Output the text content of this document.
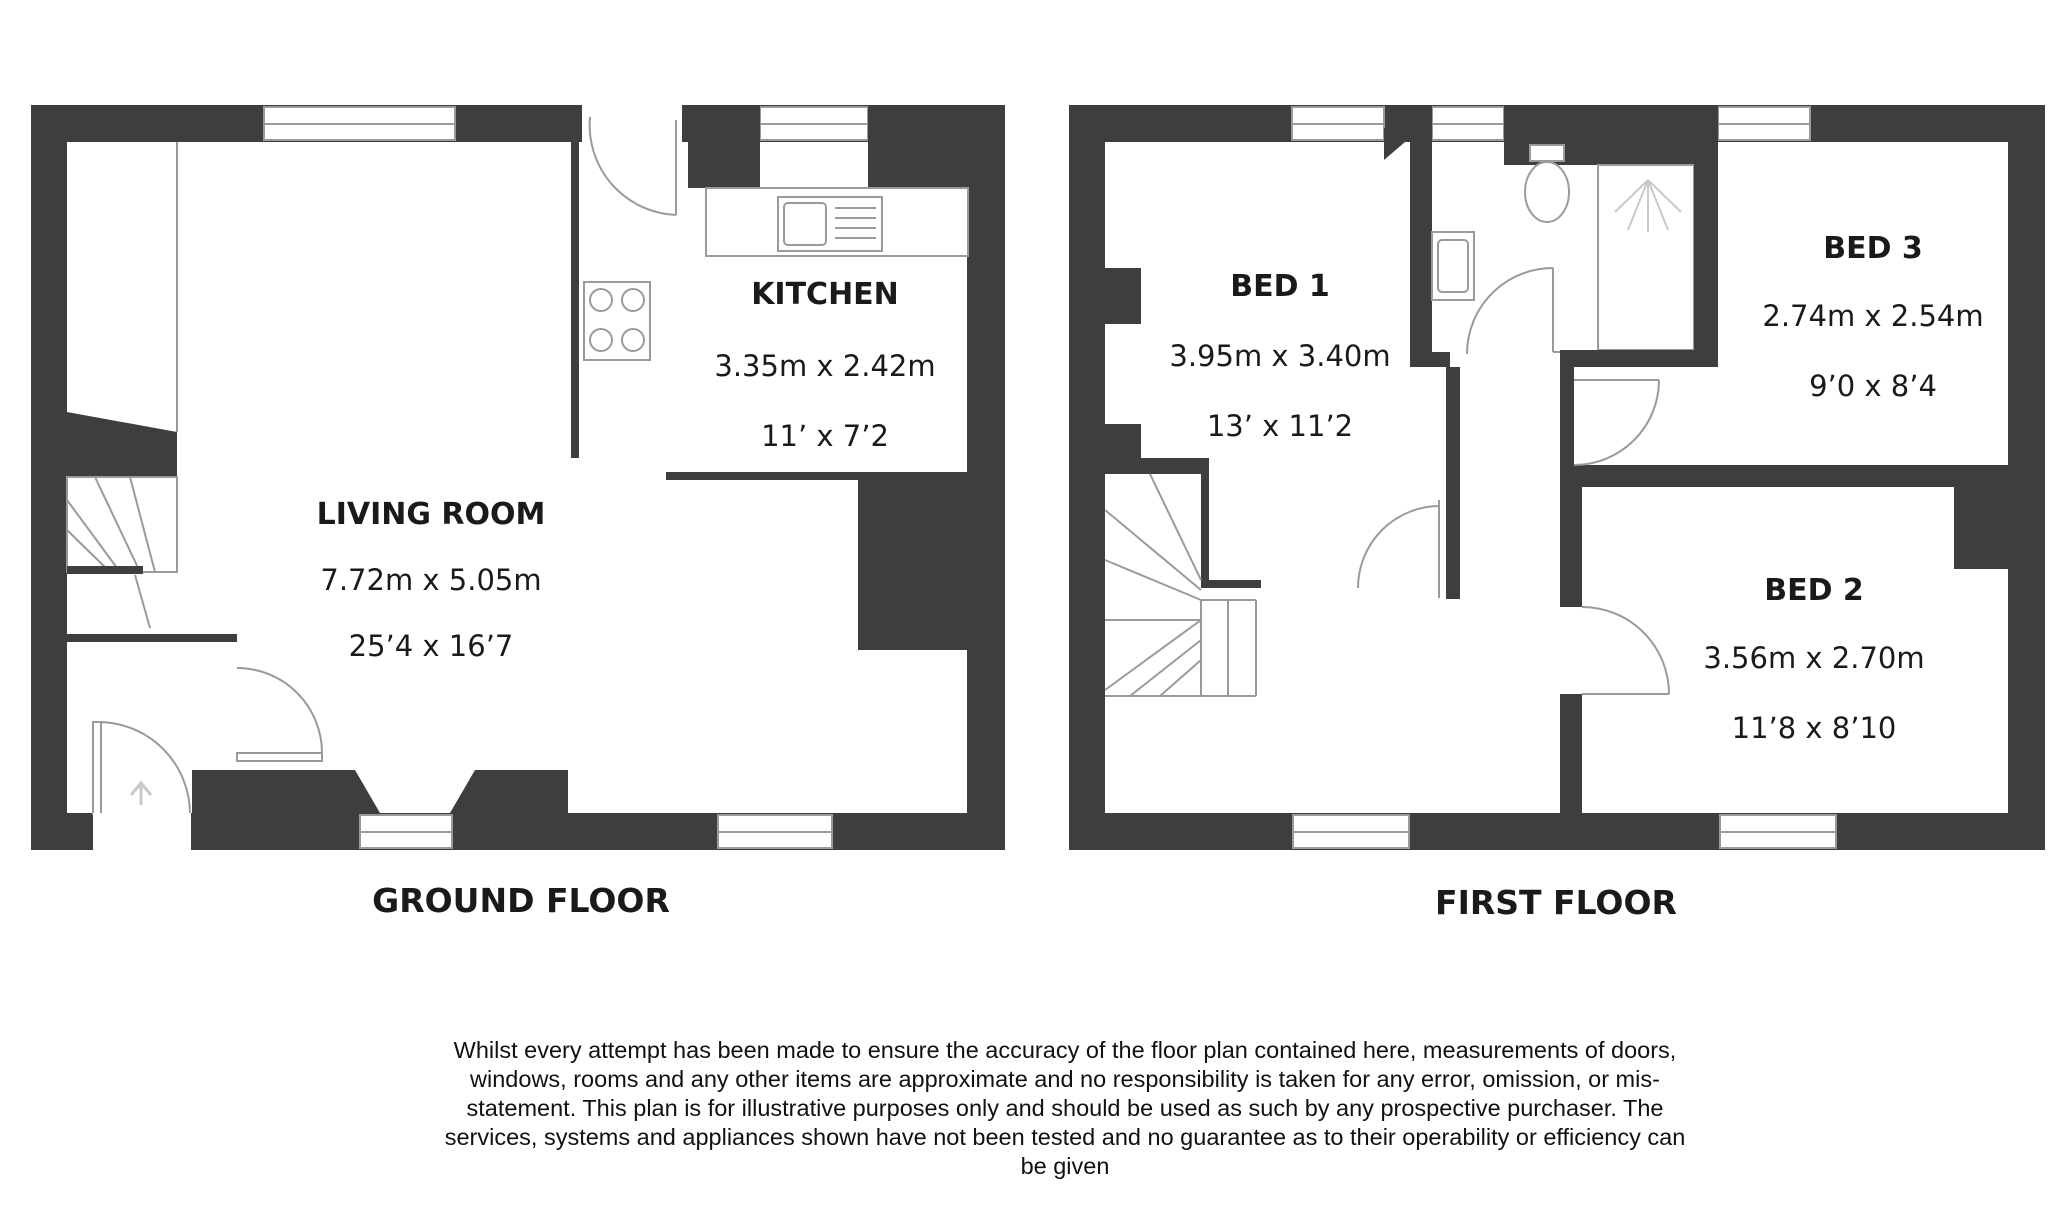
KITCHEN
3.35m x 2.42m
11’ x 7’2
LIVING ROOM
7.72m x 5.05m
25’4 x 16’7
GROUND FLOOR
BED 1
3.95m x 3.40m
13’ x 11’2
BED 3
2.74m x 2.54m
9’0 x 8’4
BED 2
3.56m x 2.70m
11’8 x 8’10
FIRST FLOOR

Whilst every attempt has been made to ensure the accuracy of the floor plan contained here, measurements of doors, windows, rooms and any other items are approximate and no responsibility is taken for any error, omission, or mis-statement. This plan is for illustrative purposes only and should be used as such by any prospective purchaser. The services, systems and appliances shown have not been tested and no guarantee as to their operability or efficiency can be given
